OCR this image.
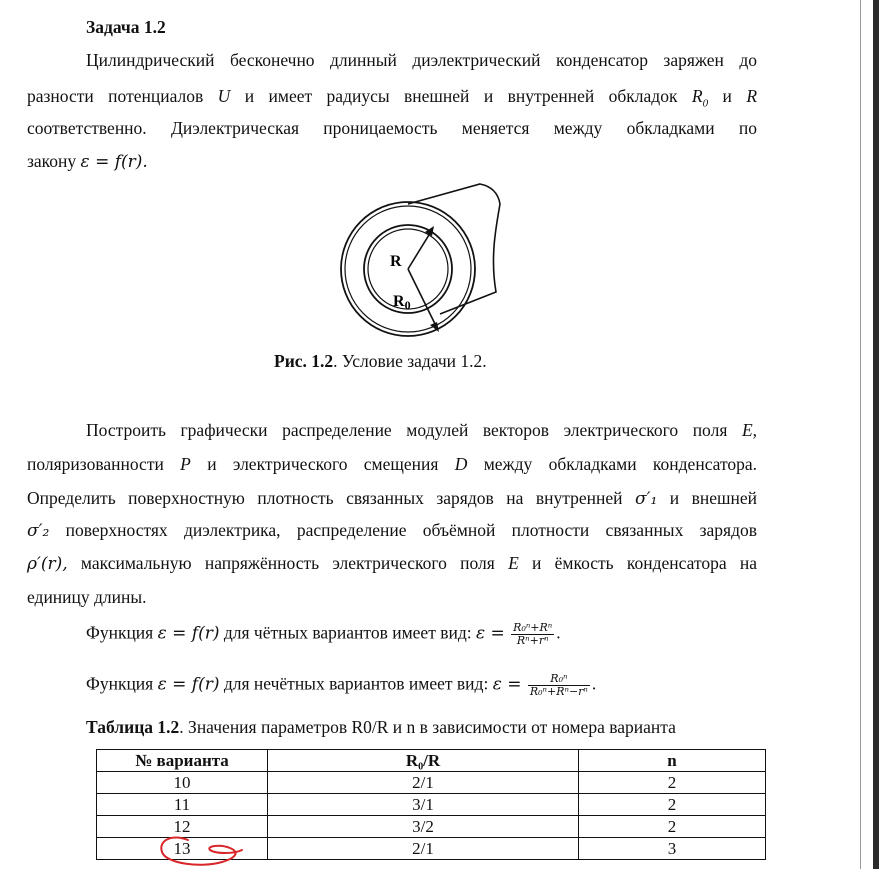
Задача 1.2
Цилиндрический бесконечно длинный диэлектрический конденсатор заряжен до
разности потенциалов U и имеет радиусы внешней и внутренней обкладок $R_0$ и R
соответственно. Диэлектрическая проницаемость меняется между обкладками по
закону ε = f(r).
R
R0
Рис. 1.2. Условие задачи 1.2.
Построить графически распределение модулей векторов электрического поля E,
поляризованности P и электрического смещения D между обкладками конденсатора.
Определить поверхностную плотность связанных зарядов на внутренней σ′₁ и внешней
σ′₂ поверхностях диэлектрика, распределение объёмной плотности связанных зарядов
ρ′(r), максимальную напряжённость электрического поля E и ёмкость конденсатора на
единицу длины.
Функция ε = f(r) для чётных вариантов имеет вид: $\varepsilon = \frac{\text{R₀ⁿ+Rⁿ}}{\text{Rⁿ+rⁿ}}$ .
Функция ε = f(r) для нечётных вариантов имеет вид: $\varepsilon = \frac{\text{R₀ⁿ}}{\text{R₀ⁿ+Rⁿ−rⁿ}}$ .
Таблица 1.2. Значения параметров R0/R и n в зависимости от номера варианта
№ варианта	R₀/R	n
10	2/1	2
11	3/1	2
12	3/2	2
13	2/1	3
